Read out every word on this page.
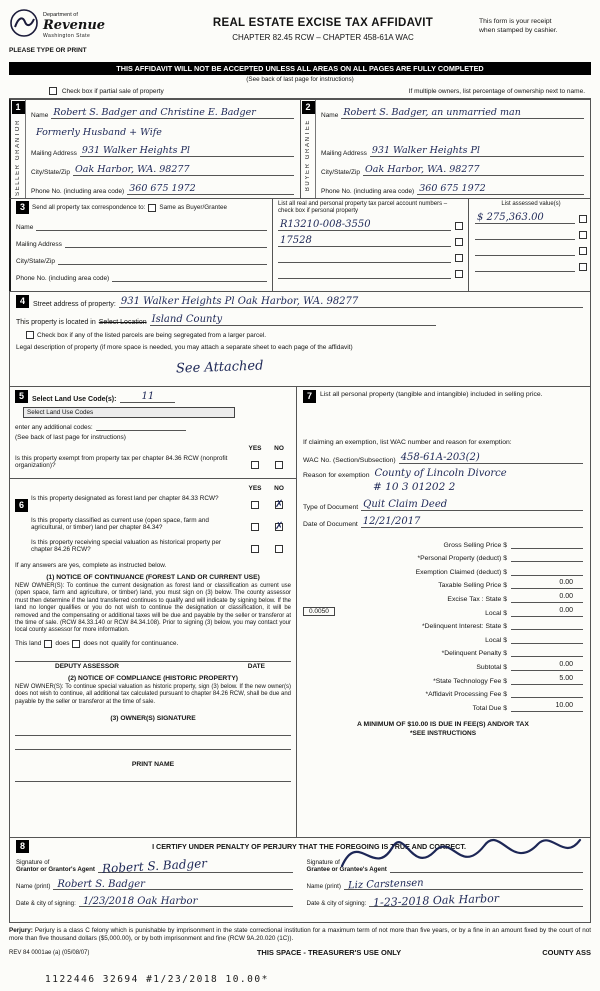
Department of
Revenue
Washington State
PLEASE TYPE OR PRINT
REAL ESTATE EXCISE TAX AFFIDAVIT
CHAPTER 82.45 RCW – CHAPTER 458-61A WAC
This form is your receipt
when stamped by cashier.
THIS AFFIDAVIT WILL NOT BE ACCEPTED UNLESS ALL AREAS ON ALL PAGES ARE FULLY COMPLETED
(See back of last page for instructions)
Check box if partial sale of property	If multiple owners, list percentage of ownership next to name.
1
SELLER GRANTOR
Name Robert S. Badger and Christine E. Badger
Formerly Husband + Wife
Mailing Address 931 Walker Heights Pl
City/State/Zip Oak Harbor, WA. 98277
Phone No. (including area code) 360 675 1972
2
BUYER GRANTEE
Name Robert S. Badger, an unmarried man
Mailing Address 931 Walker Heights Pl
City/State/Zip Oak Harbor, WA. 98277
Phone No. (including area code) 360 675 1972
3	Send all property tax correspondence to: Same as Buyer/Grantee
Name
Mailing Address
City/State/Zip
Phone No. (including area code)
List all real and personal property tax parcel account numbers – check box if personal property
R13210-008-3550
17528
List assessed value(s)
$ 275,363.00
4	Street address of property: 931 Walker Heights Pl Oak Harbor, WA. 98277
This property is located in Select Location Island County
Check box if any of the listed parcels are being segregated from a larger parcel.
Legal description of property (if more space is needed, you may attach a separate sheet to each page of the affidavit)
See Attached
5	Select Land Use Code(s):	11
Select Land Use Codes
enter any additional codes:
(See back of last page for instructions)
YES	NO
Is this property exempt from property tax per chapter 84.36 RCW (nonprofit organization)?
YES	NO
6
Is this property designated as forest land per chapter 84.33 RCW?
✗
Is this property classified as current use (open space, farm and agricultural, or timber) land per chapter 84.34?
✗
Is this property receiving special valuation as historical property per chapter 84.26 RCW?
If any answers are yes, complete as instructed below.
(1) NOTICE OF CONTINUANCE (FOREST LAND OR CURRENT USE)
NEW OWNER(S): To continue the current designation as forest land or classification as current use (open space, farm and agriculture, or timber) land, you must sign on (3) below. The county assessor must then determine if the land transferred continues to qualify and will indicate by signing below. If the land no longer qualifies or you do not wish to continue the designation or classification, it will be removed and the compensating or additional taxes will be due and payable by the seller or transferor at the time of sale. (RCW 84.33.140 or RCW 84.34.108). Prior to signing (3) below, you may contact your local county assessor for more information.
This land does does not qualify for continuance.
DEPUTY ASSESSOR	DATE
(2) NOTICE OF COMPLIANCE (HISTORIC PROPERTY)
NEW OWNER(S): To continue special valuation as historic property, sign (3) below. If the new owner(s) does not wish to continue, all additional tax calculated pursuant to chapter 84.26 RCW, shall be due and payable by the seller or transferor at the time of sale.
(3) OWNER(S) SIGNATURE
PRINT NAME
7	List all personal property (tangible and intangible) included in selling price.
If claiming an exemption, list WAC number and reason for exemption:
WAC No. (Section/Subsection) 458-61A-203(2)
Reason for exemption County of Lincoln Divorce
# 10 3 01202 2
Type of Document Quit Claim Deed
Date of Document 12/21/2017
Gross Selling Price $
*Personal Property (deduct) $
Exemption Claimed (deduct) $
Taxable Selling Price $	0.00
Excise Tax : State $	0.00
0.0050	Local $	0.00
*Delinquent Interest: State $
Local $
*Delinquent Penalty $
Subtotal $	0.00
*State Technology Fee $	5.00
*Affidavit Processing Fee $
Total Due $	10.00
A MINIMUM OF $10.00 IS DUE IN FEE(S) AND/OR TAX
*SEE INSTRUCTIONS
8	I CERTIFY UNDER PENALTY OF PERJURY THAT THE FOREGOING IS TRUE AND CORRECT.
Signature of
Grantor or Grantor's Agent Robert S. Badger
Name (print) Robert S. Badger
Date & city of signing: 1/23/2018 Oak Harbor
Signature of
Grantee or Grantee's Agent
Name (print) Liz Carstensen
Date & city of signing: 1-23-2018 Oak Harbor

Perjury: Perjury is a class C felony which is punishable by imprisonment in the state correctional institution for a maximum term of not more than five years, or by a fine in an amount fixed by the court of not more than five thousand dollars ($5,000.00), or by both imprisonment and fine (RCW 9A.20.020 (1C)).

REV 84 0001ae (a) (05/08/07)	THIS SPACE - TREASURER'S USE ONLY	COUNTY ASS
1122446 32694 #1/23/2018 10.00*
